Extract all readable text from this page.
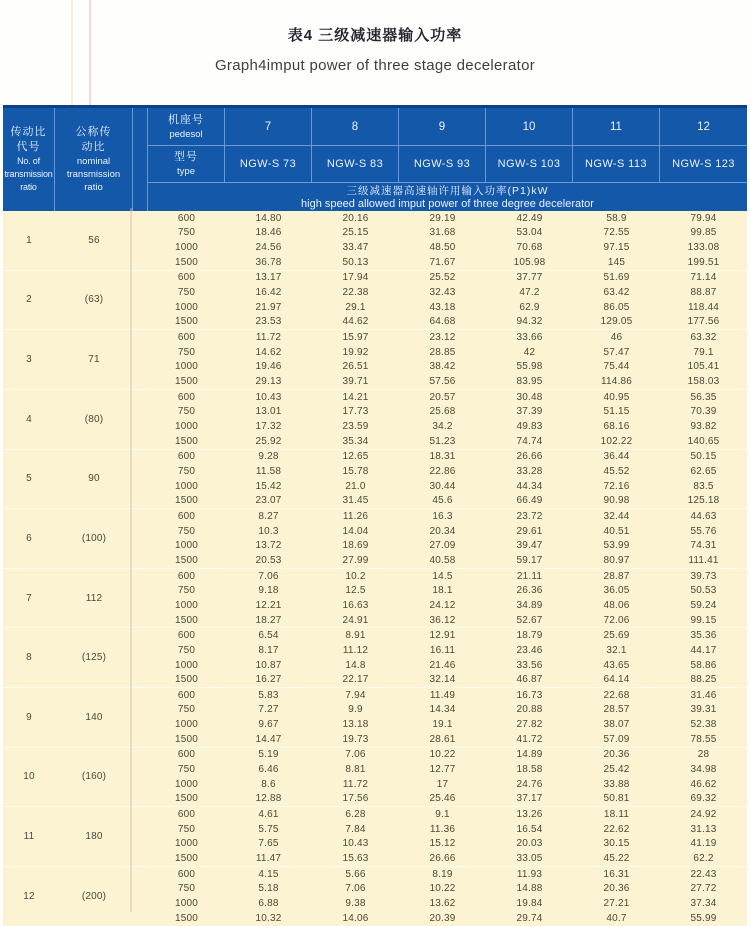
表4 三级减速器输入功率
Graph4imput power of three stage decelerator
传动比
代号
No. of
transmission
ratio
公称传
动比
nominal
transmission
ratio
机座号
pedesol
7	8	9	10	11	12
型号
type
NGW-S 73	NGW-S 83	NGW-S 93	NGW-S 103	NGW-S 113	NGW-S 123
三级减速器高速轴许用输入功率(P1)kW
high speed allowed imput power of three degree decelerator
1	56
600	14.80	20.16	29.19	42.49	58.9	79.94
750	18.46	25.15	31.68	53.04	72.55	99.85
1000	24.56	33.47	48.50	70.68	97.15	133.08
1500	36.78	50.13	71.67	105.98	145	199.51
2	(63)
600	13.17	17.94	25.52	37.77	51.69	71.14
750	16.42	22.38	32.43	47.2	63.42	88.87
1000	21.97	29.1	43.18	62.9	86.05	118.44
1500	23.53	44.62	64.68	94.32	129.05	177.56
3	71
600	11.72	15.97	23.12	33.66	46	63.32
750	14.62	19.92	28.85	42	57.47	79.1
1000	19.46	26.51	38.42	55.98	75.44	105.41
1500	29.13	39.71	57.56	83.95	114.86	158.03
4	(80)
600	10.43	14.21	20.57	30.48	40.95	56.35
750	13.01	17.73	25.68	37.39	51.15	70.39
1000	17.32	23.59	34.2	49.83	68.16	93.82
1500	25.92	35.34	51.23	74.74	102.22	140.65
5	90
600	9.28	12.65	18.31	26.66	36.44	50.15
750	11.58	15.78	22.86	33.28	45.52	62.65
1000	15.42	21.0	30.44	44.34	72.16	83.5
1500	23.07	31.45	45.6	66.49	90.98	125.18
6	(100)
600	8.27	11.26	16.3	23.72	32.44	44.63
750	10.3	14.04	20.34	29.61	40.51	55.76
1000	13.72	18.69	27.09	39.47	53.99	74.31
1500	20.53	27.99	40.58	59.17	80.97	111.41
7	112
600	7.06	10.2	14.5	21.11	28.87	39.73
750	9.18	12.5	18.1	26.36	36.05	50.53
1000	12.21	16.63	24.12	34.89	48.06	59.24
1500	18.27	24.91	36.12	52.67	72.06	99.15
8	(125)
600	6.54	8.91	12.91	18.79	25.69	35.36
750	8.17	11.12	16.11	23.46	32.1	44.17
1000	10.87	14.8	21.46	33.56	43.65	58.86
1500	16.27	22.17	32.14	46.87	64.14	88.25
9	140
600	5.83	7.94	11.49	16.73	22.68	31.46
750	7.27	9.9	14.34	20.88	28.57	39.31
1000	9.67	13.18	19.1	27.82	38.07	52.38
1500	14.47	19.73	28.61	41.72	57.09	78.55
10	(160)
600	5.19	7.06	10.22	14.89	20.36	28
750	6.46	8.81	12.77	18.58	25.42	34.98
1000	8.6	11.72	17	24.76	33.88	46.62
1500	12.88	17.56	25.46	37.17	50.81	69.32
11	180
600	4.61	6.28	9.1	13.26	18.11	24.92
750	5.75	7.84	11.36	16.54	22.62	31.13
1000	7.65	10.43	15.12	20.03	30.15	41.19
1500	11.47	15.63	26.66	33.05	45.22	62.2
12	(200)
600	4.15	5.66	8.19	11.93	16.31	22.43
750	5.18	7.06	10.22	14.88	20.36	27.72
1000	6.88	9.38	13.62	19.84	27.21	37.34
1500	10.32	14.06	20.39	29.74	40.7	55.99
